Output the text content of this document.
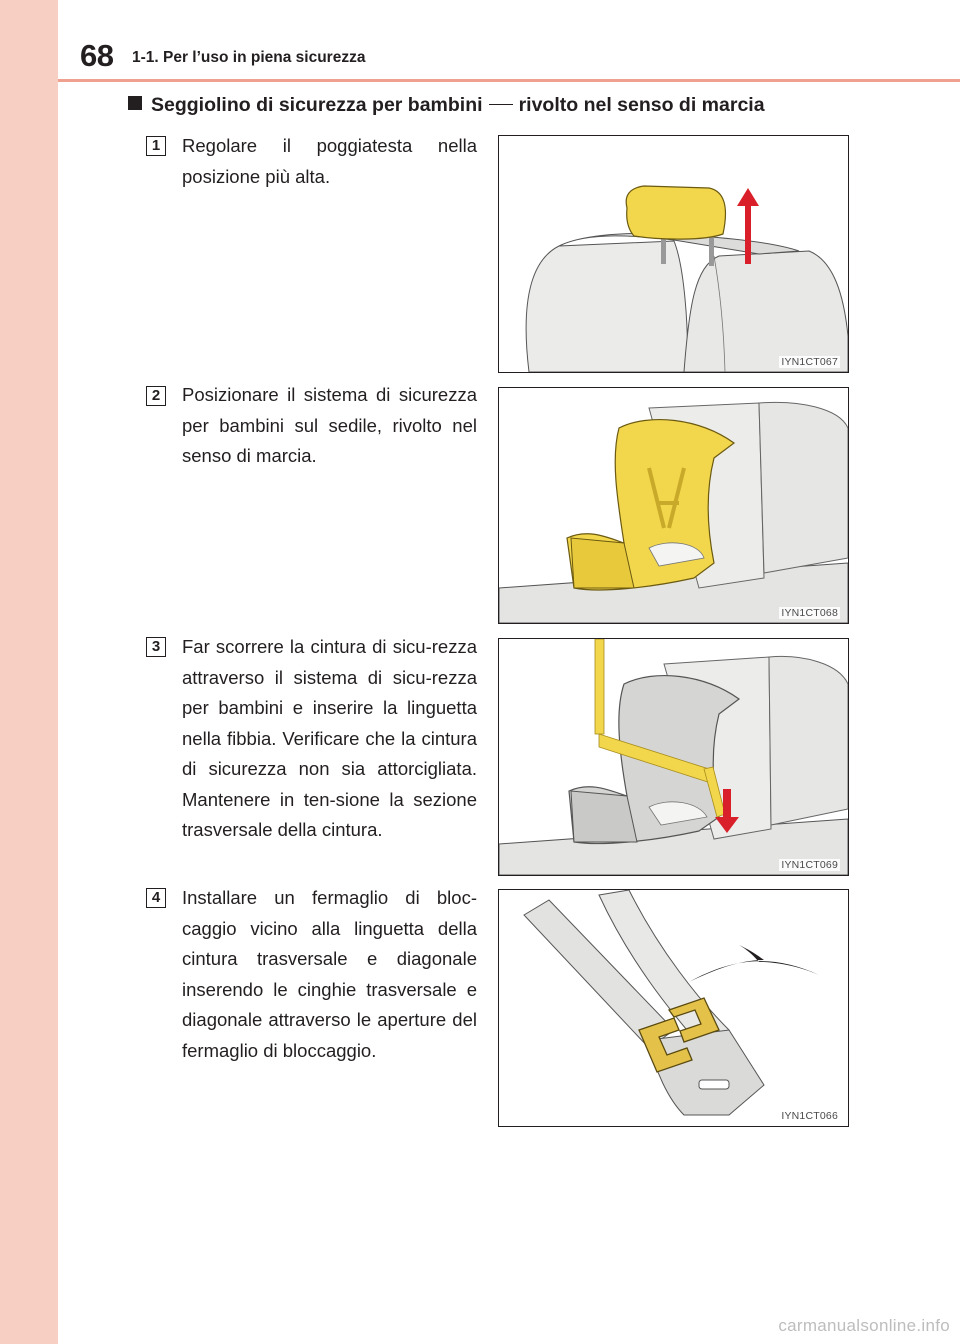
68 1-1. Per l’uso in piena sicurezza
Seggiolino di sicurezza per bambini rivolto nel senso di marcia
1	Regolare il poggiatesta nella posizione più alta.
IYN1CT067
2	Posizionare il sistema di sicurezza per bambini sul sedile, rivolto nel senso di marcia.
IYN1CT068
3	Far scorrere la cintura di sicu-rezza attraverso il sistema di sicu-rezza per bambini e inserire la linguetta nella fibbia. Verificare che la cintura di sicurezza non sia attorcigliata. Mantenere in ten-sione la sezione trasversale della cintura.
IYN1CT069
4	Installare un fermaglio di bloc-caggio vicino alla linguetta della cintura trasversale e diagonale inserendo le cinghie trasversale e diagonale attraverso le aperture del fermaglio di bloccaggio.
IYN1CT066
carmanualsonline.info
